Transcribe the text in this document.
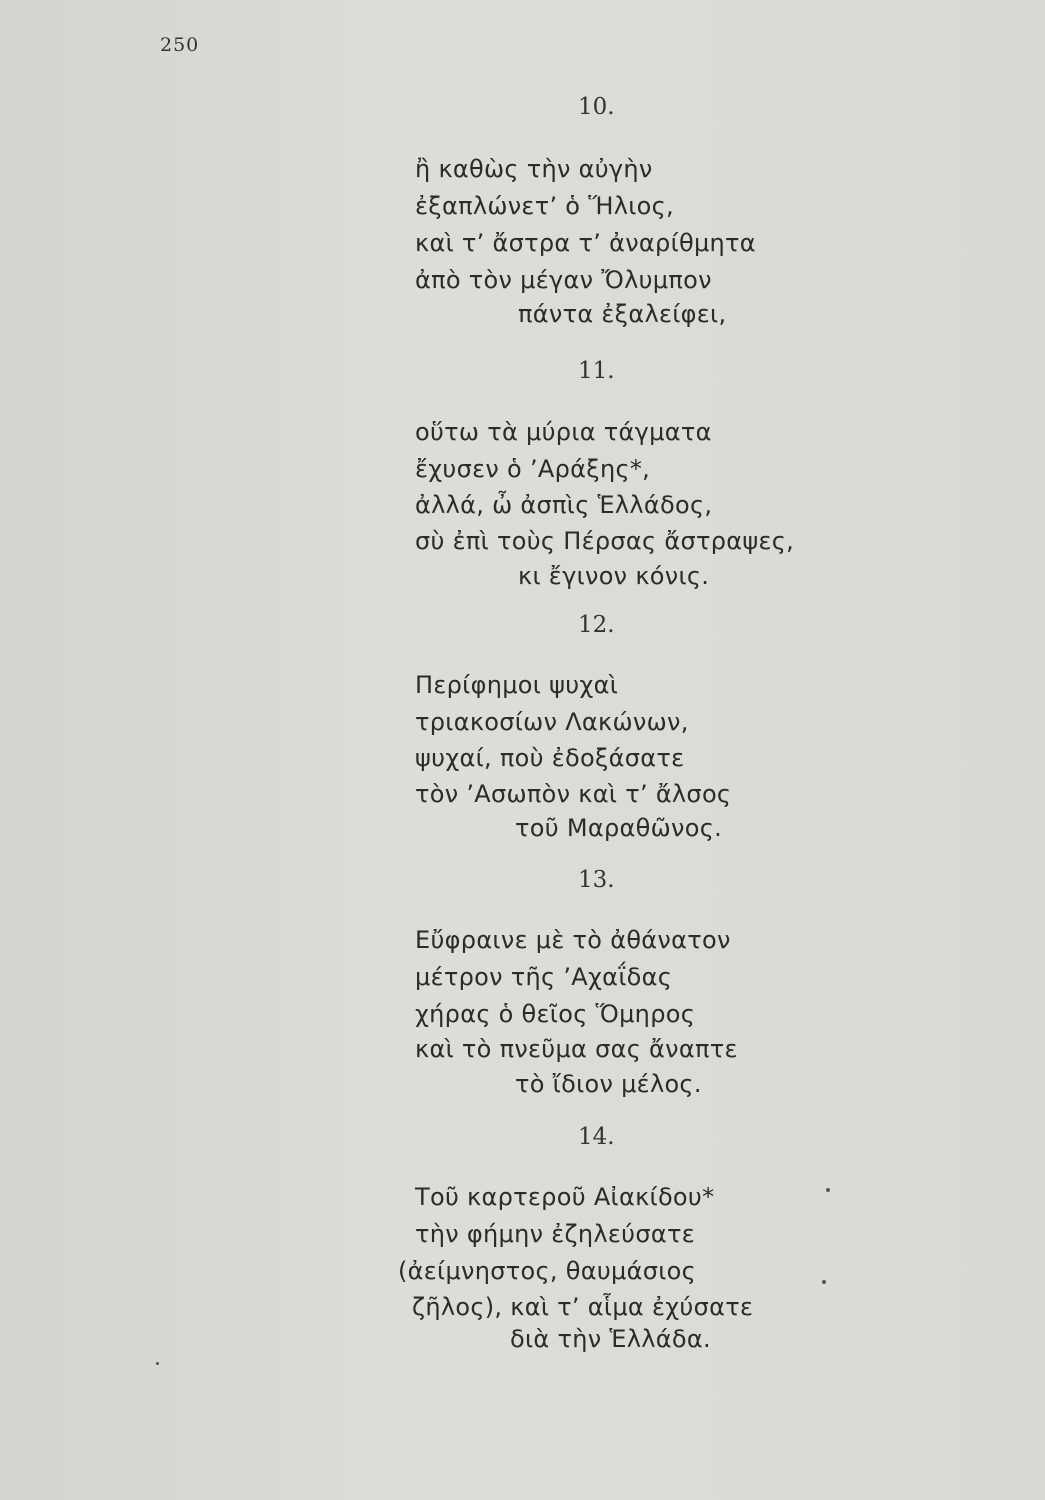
250
10.
ἢ καθὼς τὴν αὐγὴν
ἐξαπλώνετ’ ὁ Ἥλιος,
καὶ τ’ ἄστρα τ’ ἀναρίθμητα
ἀπὸ τὸν μέγαν Ὄλυμπον
πάντα ἐξαλείφει,
11.
οὕτω τὰ μύρια τάγματα
ἔχυσεν ὁ ’Αράξης*,
ἀλλά, ὦ ἀσπὶς Ἑλλάδος,
σὺ ἐπὶ τοὺς Πέρσας ἄστραψες,
κι ἔγινον κόνις.
12.
Περίφημοι ψυχαὶ
τριακοσίων Λακώνων,
ψυχαί, ποὺ ἐδοξάσατε
τὸν ’Ασωπὸν καὶ τ’ ἄλσος
τοῦ Μαραθῶνος.
13.
Εὔφραινε μὲ τὸ ἀθάνατον
μέτρον τῆς ’Αχαΐδας
χήρας ὁ θεῖος Ὅμηρος
καὶ τὸ πνεῦμα σας ἄναπτε
τὸ ἴδιον μέλος.
14.
Τοῦ καρτεροῦ Αἰακίδου*
τὴν φήμην ἐζηλεύσατε
(ἀείμνηστος, θαυμάσιος
ζῆλος), καὶ τ’ αἷμα ἐχύσατε
διὰ τὴν Ἑλλάδα.
